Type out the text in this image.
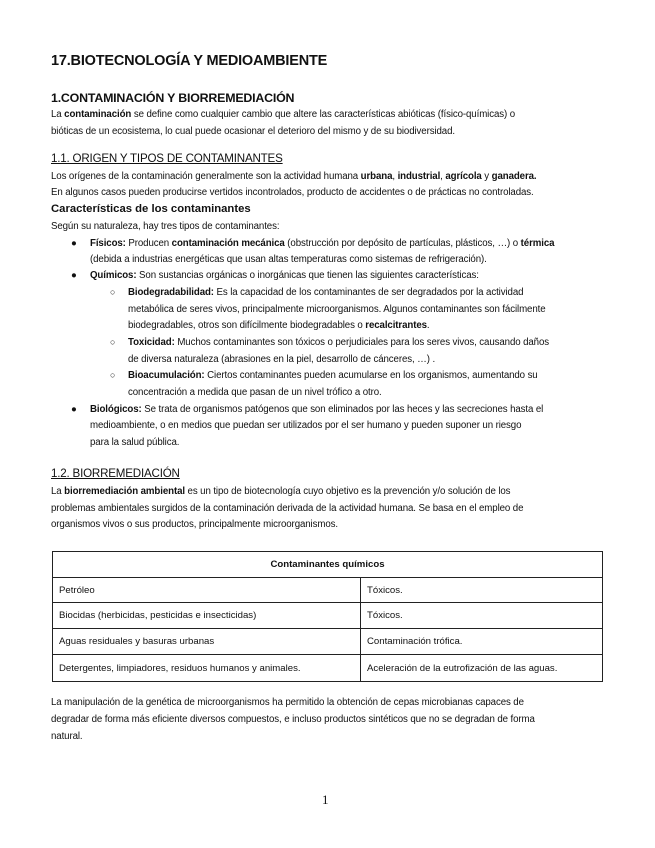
17.BIOTECNOLOGÍA Y MEDIOAMBIENTE
1.CONTAMINACIÓN Y BIORREMEDIACIÓN
La contaminación se define como cualquier cambio que altere las características abióticas (físico-químicas) o
bióticas de un ecosistema, lo cual puede ocasionar el deterioro del mismo y de su biodiversidad.
1.1. ORIGEN Y TIPOS DE CONTAMINANTES
Los orígenes de la contaminación generalmente son la actividad humana urbana, industrial, agrícola y ganadera.
En algunos casos pueden producirse vertidos incontrolados, producto de accidentes o de prácticas no controladas.
Características de los contaminantes
Según su naturaleza, hay tres tipos de contaminantes:
● Físicos: Producen contaminación mecánica (obstrucción por depósito de partículas, plásticos, …) o térmica
(debida a industrias energéticas que usan altas temperaturas como sistemas de refrigeración).
● Químicos: Son sustancias orgánicas o inorgánicas que tienen las siguientes características:
○ Biodegradabilidad: Es la capacidad de los contaminantes de ser degradados por la actividad
metabólica de seres vivos, principalmente microorganismos. Algunos contaminantes son fácilmente
biodegradables, otros son difícilmente biodegradables o recalcitrantes.
○ Toxicidad: Muchos contaminantes son tóxicos o perjudiciales para los seres vivos, causando daños
de diversa naturaleza (abrasiones en la piel, desarrollo de cánceres, …) .
○ Bioacumulación: Ciertos contaminantes pueden acumularse en los organismos, aumentando su
concentración a medida que pasan de un nivel trófico a otro.
● Biológicos: Se trata de organismos patógenos que son eliminados por las heces y las secreciones hasta el
medioambiente, o en medios que puedan ser utilizados por el ser humano y pueden suponer un riesgo
para la salud pública.
1.2. BIORREMEDIACIÓN
La biorremediación ambiental es un tipo de biotecnología cuyo objetivo es la prevención y/o solución de los
problemas ambientales surgidos de la contaminación derivada de la actividad humana. Se basa en el empleo de
organismos vivos o sus productos, principalmente microorganismos.
Contaminantes químicos	
Petróleo	Tóxicos.
Biocidas (herbicidas, pesticidas e insecticidas)	Tóxicos.
Aguas residuales y basuras urbanas	Contaminación trófica.
Detergentes, limpiadores, residuos humanos y animales.	Aceleración de la eutrofización de las aguas.
La manipulación de la genética de microorganismos ha permitido la obtención de cepas microbianas capaces de
degradar de forma más eficiente diversos compuestos, e incluso productos sintéticos que no se degradan de forma
natural.
1
